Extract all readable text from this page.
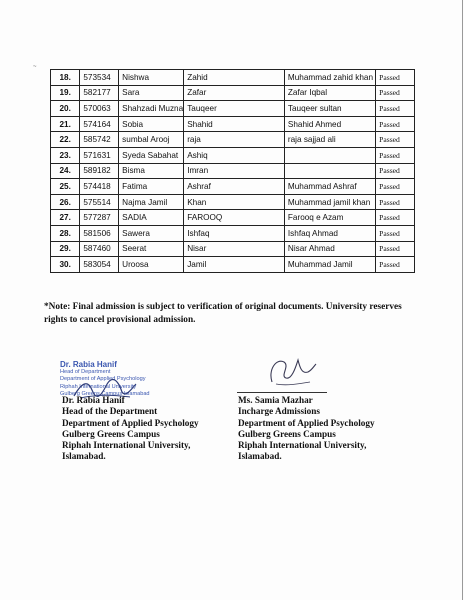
~
18.	573534	Nishwa	Zahid	Muhammad zahid khan	Passed
19.	582177	Sara	Zafar	Zafar Iqbal	Passed
20.	570063	Shahzadi Muzna	Tauqeer	Tauqeer sultan	Passed
21.	574164	Sobia	Shahid	Shahid Ahmed	Passed
22.	585742	sumbal Arooj	raja	raja sajjad ali	Passed
23.	571631	Syeda Sabahat	Ashiq		Passed
24.	589182	Bisma	Imran		Passed
25.	574418	Fatima	Ashraf	Muhammad Ashraf	Passed
26.	575514	Najma Jamil	Khan	Muhammad jamil khan	Passed
27.	577287	SADIA	FAROOQ	Farooq e Azam	Passed
28.	581506	Sawera	Ishfaq	Ishfaq Ahmad	Passed
29.	587460	Seerat	Nisar	Nisar Ahmad	Passed
30.	583054	Uroosa	Jamil	Muhammad Jamil	Passed
*Note: Final admission is subject to verification of original documents. University reserves rights to cancel provisional admission.
Dr. Rabia Hanif
Head of Department
Department of Applied Psychology
Riphah International University
Gulberg Greens Campus Islamabad
Dr. Rabia Hanif
Head of the Department
Department of Applied Psychology
Gulberg Greens Campus
Riphah International University,
Islamabad.
Ms. Samia Mazhar
Incharge Admissions
Department of Applied Psychology
Gulberg Greens Campus
Riphah International University,
Islamabad.
